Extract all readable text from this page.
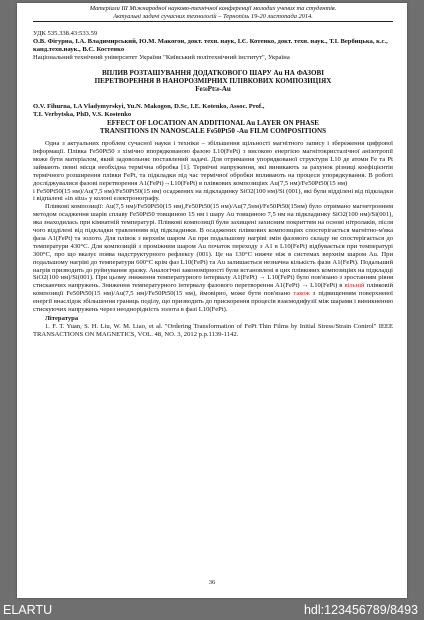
Матеріали ІІІ Міжнародної науково-технічної конференції молодих учених та студентів.
Актуальні задачі сучасних технологій – Тернопіль 19-20 листопада 2014.

УДК 535.338.43:533.59

О.В. Фігурна, І.А. Владимирський, Ю.М. Макогон, докт. техн. наук, І.Є. Котенко, докт. техн. наук., Т.І. Вербицька, к.с., канд.техн.наук., В.С. Костенко
Національний технічний університет України "Київський політехнічний інститут", Україна

ВПЛИВ РОЗТАШУВАННЯ ДОДАТКОВОГО ШАРУ Au НА ФАЗОВІ
ПЕРЕТВОРЕННЯ В НАНОРОЗМІРНИХ ПЛІВКОВИХ КОМПОЗИЦІЯХ
Fe50Pt50-Au

O.V. Fihurna, I.A Vladymyrskyi, Yu.N. Makogon, D.Sc, I.E. Kotenko, Assoc. Prof.,
T.I. Verbytska, PhD, V.S. Kostenko

EFFECT OF LOCATION AN ADDITIONAL Au LAYER ON PHASE
TRANSITIONS IN NANOSCALE Fe50Pt50 -Au FILM COMPOSITIONS

Одна з актуальних проблем сучасної науки і техніки – збільшення щільності магнітного запису і збереження цифрової інформації. Плівка Fe50Pt50 з хімічно впорядкованою фазою L10(FePt) з високою енергією магнітокристалічної анізотропії може бути матеріалом, який задовольняє поставлений задачі. Для отримання упорядкованої структури L10 де атоми Fe та Pt займають певні місця необхідна термічна обробка [1]. Термічні напруження, які виникають за рахунок різниці коефіцієнтів термічного розширення плівки FePt, та підкладки під час термічної обробки впливають на процеси упорядкування. В роботі досліджувалися фазові перетворення A1(FePt)→L10(FePt) в плівкових композиціях Au(7,5 нм)/Fe50Pt50(15 нм)

і Fe50Pt50(15 нм)/Au(7,5 нм)/Fe50Pt50(15 нм) осаджених на підкладинку SiO2(100 нм)/Si (001), які були відділені від підкладки і відпалені «in situ» у колоні електронографу.

Плівкові композиції: Au(7,5 нм)/Fe50Pt50(15 нм),Fe50Pt50(15 нм)/Au(7,5нм)/Fe50Pt50(15нм) було отримано магнетронним методом осадження шарів сплаву Fe50Pt50 товщиною 15 нм і шару Au товщиною 7,5 нм на підкладинку SiO2(100 нм)/Si(001), яка знаходилась при кімнатній температурі. Плівкові композиції були захищені захисним покриттям на основі нітролаків, після чого відділені від підкладки травленням від підкладинки. В осаджених плівкових композиціях спостерігається магнітно-м'яка фаза A1(FePt) та золото. Для плівок з верхнім шаром Au при подальшому нагріві змін фазового складу не спостерігається до температури 430°С. Для композицій з проміжним шаром Au початок переходу з A1 в L10(FePt) відбувається при температурі 300°С, про що вказує поява надструктурного рефлексу (001). Це на 130°С нижче ніж в системах верхнім шаром Au. При подальшому нагріві до температури 600°С крім фаз L10(FePt) та Au залишається незначна кількість фази A1(FePt). Подальший нагрів призводить до руйнування зразку. Аналогічні закономірності були встановлені в цих плівкових композиціях на підкладці SiO2(100 нм)/Si(001). При цьому зниження температурного інтервалу A1(FePt) → L10(FePt) було пов'язано з зростанням рівня стискаючих напружень. Зниження температурного інтервалу фазового перетворення A1(FePt) → L10(FePt) в вільній плівковій композиції Fe50Pt50(15 нм)/Au(7,5 нм)/Fe50Pt50(15 нм), ймовірно, може бути пов'язано також з підвищенням поверхневої енергії внаслідок збільшення границь поділу, що призводить до прискорення процесів взаємодифузії між шарами і виникненню стискуючих напружень через неоднорідність золота в фазі L10(FePt).

Література

1. F. T. Yuan, S. H. Liu, W. M. Liao, et al. "Ordering Transformation of FePt Thin Films by Initial Stress/Strain Control" IEEE TRANSACTIONS ON MAGNETICS, VOL. 48, NO. 3, 2012 p.p.1139-1142.

36
ELARTU	hdl:123456789/8493
